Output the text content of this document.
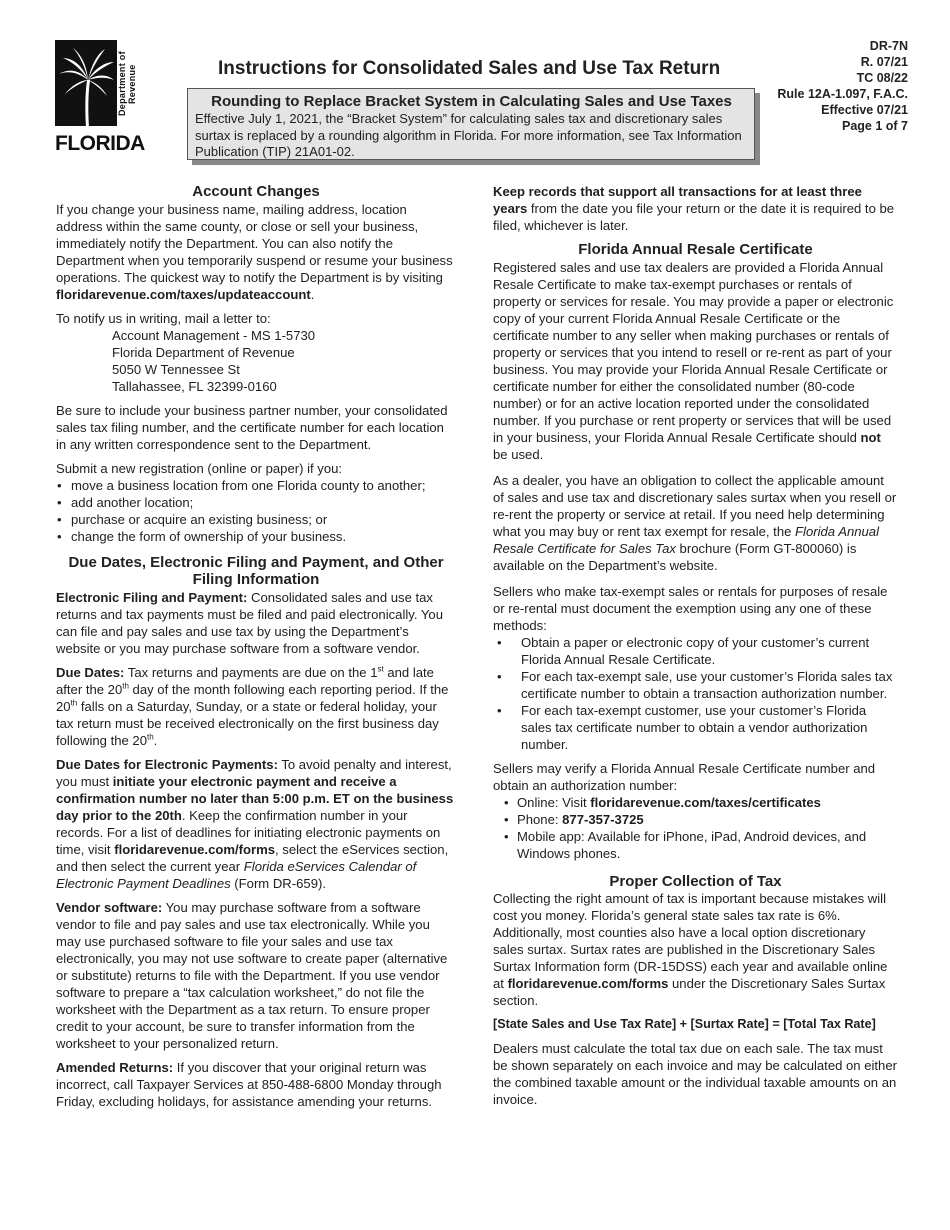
Department of Revenue
FLORIDA
Instructions for Consolidated Sales and Use Tax Return
DR-7N
R. 07/21
TC 08/22
Rule 12A-1.097, F.A.C.
Effective 07/21
Page 1 of 7
Rounding to Replace Bracket System in Calculating Sales and Use Taxes

Effective July 1, 2021, the “Bracket System” for calculating sales tax and discretionary sales surtax is replaced by a rounding algorithm in Florida. For more information, see Tax Information Publication (TIP) 21A01-02.

Account Changes

If you change your business name, mailing address, location address within the same county, or close or sell your business, immediately notify the Department. You can also notify the Department when you temporarily suspend or resume your business operations. The quickest way to notify the Department is by visiting floridarevenue.com/taxes/updateaccount.

To notify us in writing, mail a letter to:

Account Management - MS 1-5730
Florida Department of Revenue
5050 W Tennessee St
Tallahassee, FL 32399-0160

Be sure to include your business partner number, your consolidated sales tax filing number, and the certificate number for each location in any written correspondence sent to the Department.

Submit a new registration (online or paper) if you:

• move a business location from one Florida county to another;
• add another location;
• purchase or acquire an existing business; or
• change the form of ownership of your business.
Due Dates, Electronic Filing and Payment, and Other Filing Information

Electronic Filing and Payment: Consolidated sales and use tax returns and tax payments must be filed and paid electronically. You can file and pay sales and use tax by using the Department’s website or you may purchase software from a software vendor.

Due Dates: Tax returns and payments are due on the 1st and late after the 20th day of the month following each reporting period. If the 20th falls on a Saturday, Sunday, or a state or federal holiday, your tax return must be received electronically on the first business day following the 20th.

Due Dates for Electronic Payments: To avoid penalty and interest, you must initiate your electronic payment and receive a confirmation number no later than 5:00 p.m. ET on the business day prior to the 20th. Keep the confirmation number in your records. For a list of deadlines for initiating electronic payments on time, visit floridarevenue.com/forms, select the eServices section, and then select the current year Florida eServices Calendar of Electronic Payment Deadlines (Form DR-659).

Vendor software: You may purchase software from a software vendor to file and pay sales and use tax electronically. While you may use purchased software to file your sales and use tax electronically, you may not use software to create paper (alternative or substitute) returns to file with the Department. If you use vendor software to prepare a “tax calculation worksheet,” do not file the worksheet with the Department as a tax return. To ensure proper credit to your account, be sure to transfer information from the worksheet to your personalized return.

Amended Returns: If you discover that your original return was incorrect, call Taxpayer Services at 850-488-6800 Monday through Friday, excluding holidays, for assistance amending your returns.

Keep records that support all transactions for at least three years from the date you file your return or the date it is required to be filed, whichever is later.

Florida Annual Resale Certificate

Registered sales and use tax dealers are provided a Florida Annual Resale Certificate to make tax-exempt purchases or rentals of property or services for resale. You may provide a paper or electronic copy of your current Florida Annual Resale Certificate or the certificate number to any seller when making purchases or rentals of property or services that you intend to resell or re-rent as part of your business. You may provide your Florida Annual Resale Certificate or certificate number for either the consolidated number (80-code number) or for an active location reported under the consolidated number. If you purchase or rent property or services that will be used in your business, your Florida Annual Resale Certificate should not be used.

As a dealer, you have an obligation to collect the applicable amount of sales and use tax and discretionary sales surtax when you resell or re-rent the property or service at retail. If you need help determining what you may buy or rent tax exempt for resale, the Florida Annual Resale Certificate for Sales Tax brochure (Form GT-800060) is available on the Department’s website.

Sellers who make tax-exempt sales or rentals for purposes of resale or re-rental must document the exemption using any one of these methods:

• Obtain a paper or electronic copy of your customer’s current Florida Annual Resale Certificate.
• For each tax-exempt sale, use your customer’s Florida sales tax certificate number to obtain a transaction authorization number.
• For each tax-exempt customer, use your customer’s Florida sales tax certificate number to obtain a vendor authorization number.

Sellers may verify a Florida Annual Resale Certificate number and obtain an authorization number:

• Online: Visit floridarevenue.com/taxes/certificates
• Phone: 877-357-3725
• Mobile app: Available for iPhone, iPad, Android devices, and Windows phones.
Proper Collection of Tax

Collecting the right amount of tax is important because mistakes will cost you money. Florida’s general state sales tax rate is 6%. Additionally, most counties also have a local option discretionary sales surtax. Surtax rates are published in the Discretionary Sales Surtax Information form (DR-15DSS) each year and available online at floridarevenue.com/forms under the Discretionary Sales Surtax section.

[State Sales and Use Tax Rate] + [Surtax Rate] = [Total Tax Rate]

Dealers must calculate the total tax due on each sale. The tax must be shown separately on each invoice and may be calculated on either the combined taxable amount or the individual taxable amounts on an invoice.
